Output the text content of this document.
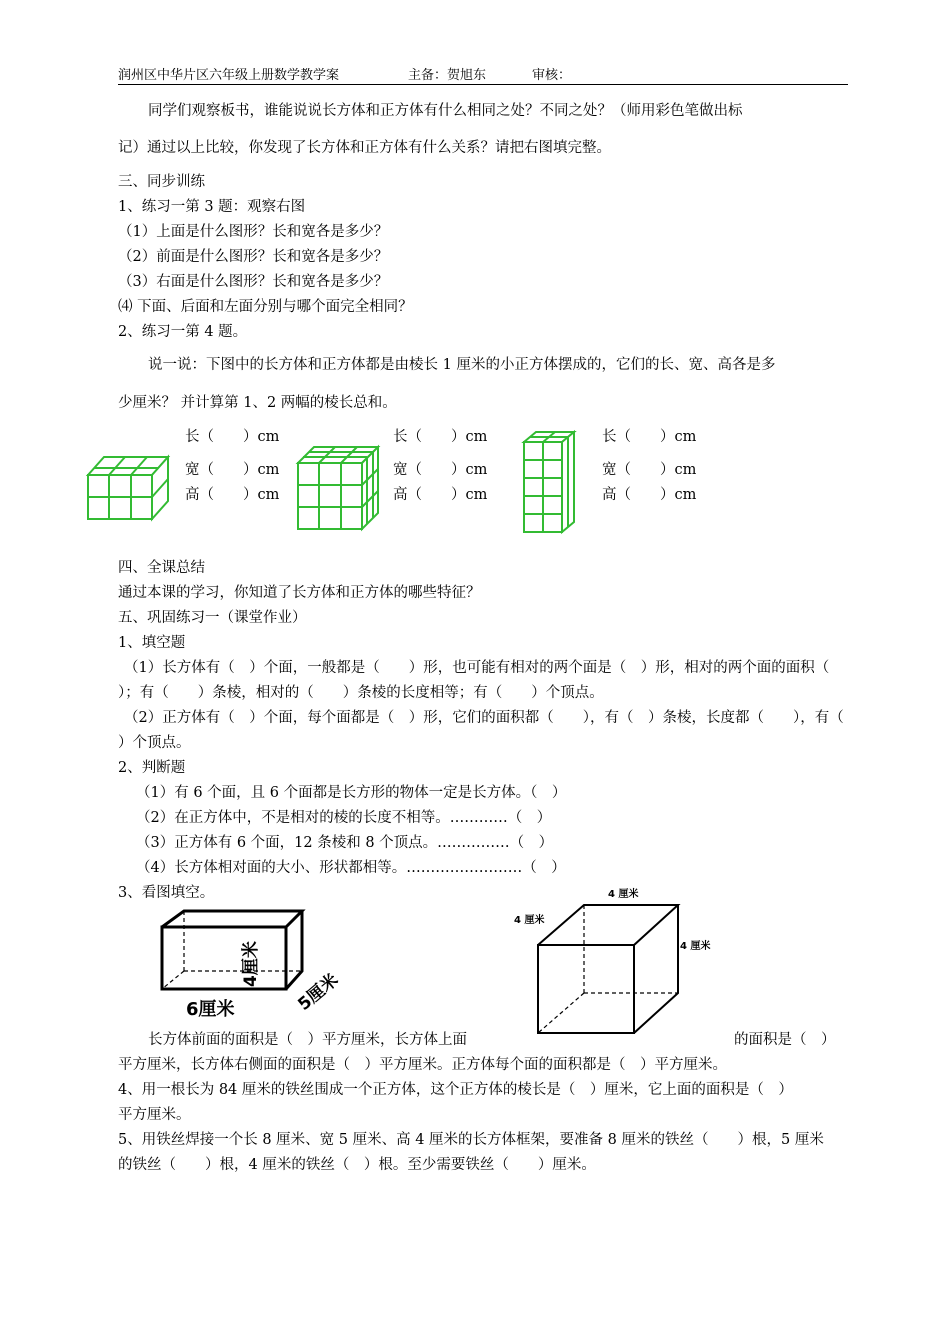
润州区中华片区六年级上册数学教学案	主备：贺旭东	审核：
同学们观察板书，谁能说说长方体和正方体有什么相同之处？不同之处？（师用彩色笔做出标
记）通过以上比较，你发现了长方体和正方体有什么关系？请把右图填完整。
三、同步训练
1、练习一第 3 题：观察右图
（1）上面是什么图形？长和宽各是多少？
（2）前面是什么图形？长和宽各是多少？
（3）右面是什么图形？长和宽各是多少？
⑷ 下面、后面和左面分别与哪个面完全相同？
2、练习一第 4 题。
说一说：下图中的长方体和正方体都是由棱长 1 厘米的小正方体摆成的，它们的长、宽、高各是多
少厘米？ 并计算第 1、2 两幅的棱长总和。
长（　　）cm
宽（　　）cm
高（　　）cm
长（　　）cm
宽（　　）cm
高（　　）cm
长（　　）cm
宽（　　）cm
高（　　）cm
四、全课总结
通过本课的学习，你知道了长方体和正方体的哪些特征？
五、巩固练习一（课堂作业）
1、填空题
（1）长方体有（　）个面，一般都是（　　）形，也可能有相对的两个面是（　）形，相对的两个面的面积（
）；有（　　）条棱，相对的（　　）条棱的长度相等；有（　　）个顶点。
（2）正方体有（　）个面，每个面都是（　）形，它们的面积都（　　），有（　）条棱，长度都（　　），有（
）个顶点。
2、判断题
（1）有 6 个面，且 6 个面都是长方形的物体一定是长方体。（　）
（2）在正方体中，不是相对的棱的长度不相等。…………（　）
（3）正方体有 6 个面，12 条棱和 8 个顶点。……………（　）
（4）长方体相对面的大小、形状都相等。……………………（　）
3、看图填空。
6厘米	5厘米
4厘米
4 厘米
4 厘米
4 厘米
长方体前面的面积是（　）平方厘米，长方体上面	的面积是（　）
平方厘米，长方体右侧面的面积是（　）平方厘米。正方体每个面的面积都是（　）平方厘米。
4、用一根长为 84 厘米的铁丝围成一个正方体，这个正方体的棱长是（　）厘米，它上面的面积是（　）
平方厘米。
5、用铁丝焊接一个长 8 厘米、宽 5 厘米、高 4 厘米的长方体框架，要准备 8 厘米的铁丝（　　）根，5 厘米
的铁丝（　　）根，4 厘米的铁丝（　）根。至少需要铁丝（　　）厘米。
